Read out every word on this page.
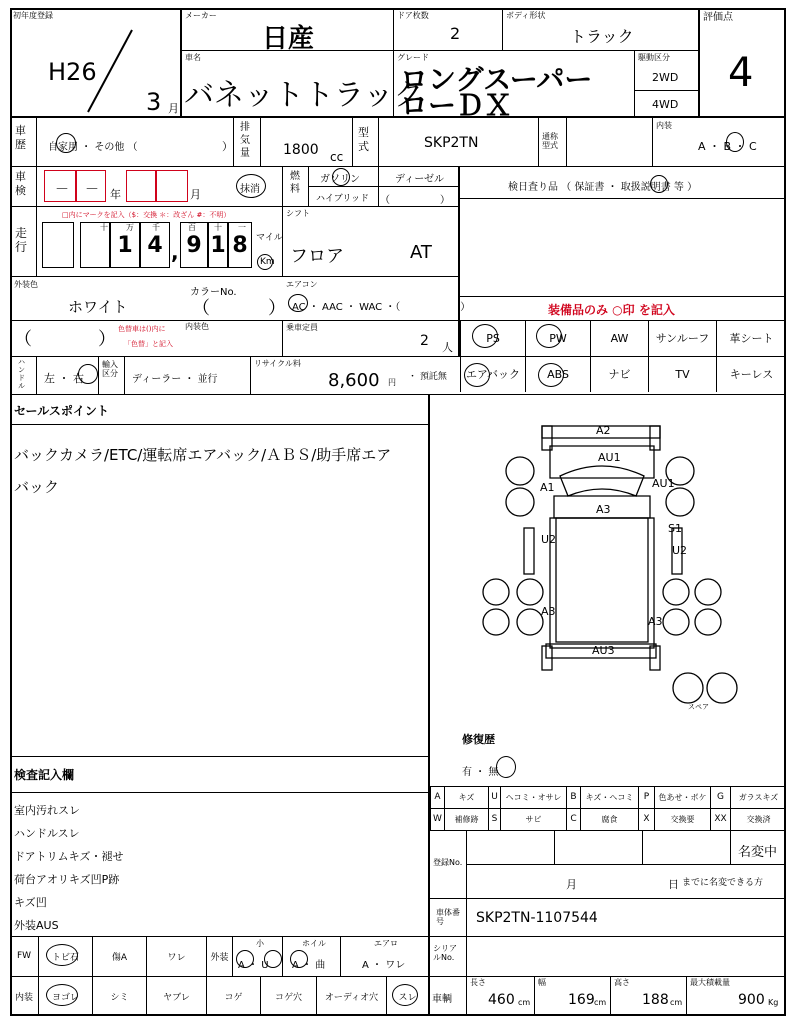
初年度登録
H26
3 月
メーカー
日産
ドア枚数
2
ボディ形状
トラック
評価点
4
車名
バネットトラック
グレード
ロングスーパー
ローＤＸ
駆動区分
2WD
4WD
車歴	自家用 ・ その他 （	）
排気量 1800 cc
型式	SKP2TN	通称型式
内装
A ・ B ・ C
車検 － － 年	月	抹消
燃料
ガソリン	ディーゼル
ハイブリッド （　　　　　）
検日査り品 （ 保証書 ・ 取扱説明書 等 ）
走行
□内にマークを記入（$：交換 ＊：改ざん #：不明）
1 4 , 9 1 8
十 万 千	百 十 一
マイル
Km
シフト
フロア	AT
外装色
ホワイト
カラーNo.
（	）
エアコン
AC ・ AAC ・ WAC ・（　　　　　　）	装備品のみ ○印 を記入
（	） 色替車は()内に
「色替」と記入
内装色	乗車定員
2 人
ハンドル
左 ・ 右
輸入区分
ディーラー ・ 並行
リサイクル料
8,600 円
・ 預託無
セールスポイント
バックカメラ/ETC/運転席エアバック/ＡＢＳ/助手席エア
バック
A2
AU1
A1	AU1
A3
S1
U2
U2
A3
A3
AU3
スペア
修復歴
有 ・ 無
検査記入欄
登録No.
名変中
月	日 までに名変できる方
車体番号	SKP2TN-1107544
シリアルNo.
車輌
長さ
460 cm
幅
169 cm
高さ
188 cm
最大積載量
900 Kg
PS	PW	AW	サンルーフ	革シート
エアバック	ABS	ナビ	TV	キーレス
室内汚れスレ
ハンドルスレ
ドアトリムキズ・褪せ
荷台アオリキズ凹P跡
キズ凹
外装AUS
A	キズ	U ヘコミ・オサレ B	キズ・ヘコミ	P	色あせ・ボケ	G	ガラスキズ
W	補修跡	S	サビ	C	腐食	X	交換要	XX	交換済
FW	トビ石	傷A	ワレ	外装
小
A ・ U
ホイル
A ・ 曲
エアロ
A ・ ワレ
内装	ヨゴレ	シミ	ヤブレ	コゲ	コゲ穴	オーディオ穴	スレ
